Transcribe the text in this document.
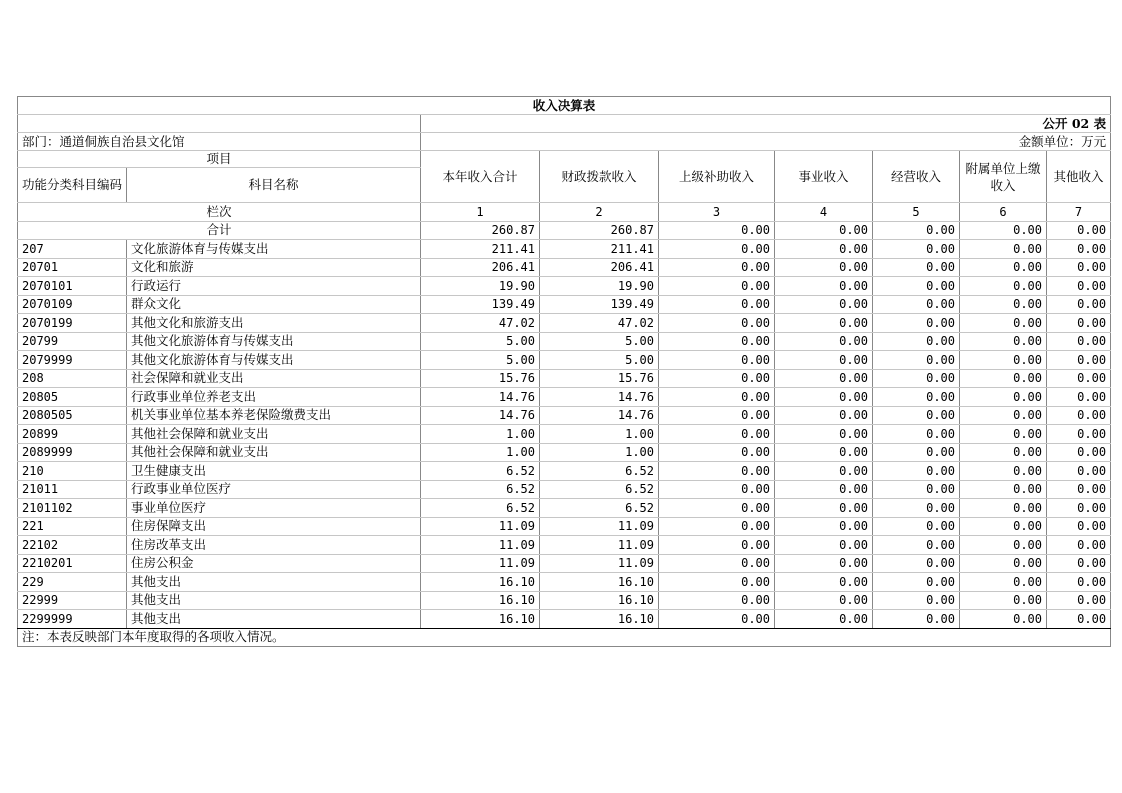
收入决算表								
		公开 02 表						
部门：通道侗族自治县文化馆		金额单位：万元						
项目		本年收入合计	财政拨款收入	上级补助收入	事业收入	经营收入	附属单位上缴收入	其他收入
功能分类科目编码	科目名称							
栏次		1	2	3	4	5	6	7
合计		260.87	260.87	0.00	0.00	0.00	0.00	0.00
207	文化旅游体育与传媒支出	211.41	211.41	0.00	0.00	0.00	0.00	0.00
20701	文化和旅游	206.41	206.41	0.00	0.00	0.00	0.00	0.00
2070101	行政运行	19.90	19.90	0.00	0.00	0.00	0.00	0.00
2070109	群众文化	139.49	139.49	0.00	0.00	0.00	0.00	0.00
2070199	其他文化和旅游支出	47.02	47.02	0.00	0.00	0.00	0.00	0.00
20799	其他文化旅游体育与传媒支出	5.00	5.00	0.00	0.00	0.00	0.00	0.00
2079999	其他文化旅游体育与传媒支出	5.00	5.00	0.00	0.00	0.00	0.00	0.00
208	社会保障和就业支出	15.76	15.76	0.00	0.00	0.00	0.00	0.00
20805	行政事业单位养老支出	14.76	14.76	0.00	0.00	0.00	0.00	0.00
2080505	机关事业单位基本养老保险缴费支出	14.76	14.76	0.00	0.00	0.00	0.00	0.00
20899	其他社会保障和就业支出	1.00	1.00	0.00	0.00	0.00	0.00	0.00
2089999	其他社会保障和就业支出	1.00	1.00	0.00	0.00	0.00	0.00	0.00
210	卫生健康支出	6.52	6.52	0.00	0.00	0.00	0.00	0.00
21011	行政事业单位医疗	6.52	6.52	0.00	0.00	0.00	0.00	0.00
2101102	事业单位医疗	6.52	6.52	0.00	0.00	0.00	0.00	0.00
221	住房保障支出	11.09	11.09	0.00	0.00	0.00	0.00	0.00
22102	住房改革支出	11.09	11.09	0.00	0.00	0.00	0.00	0.00
2210201	住房公积金	11.09	11.09	0.00	0.00	0.00	0.00	0.00
229	其他支出	16.10	16.10	0.00	0.00	0.00	0.00	0.00
22999	其他支出	16.10	16.10	0.00	0.00	0.00	0.00	0.00
2299999	其他支出	16.10	16.10	0.00	0.00	0.00	0.00	0.00
注：本表反映部门本年度取得的各项收入情况。								
